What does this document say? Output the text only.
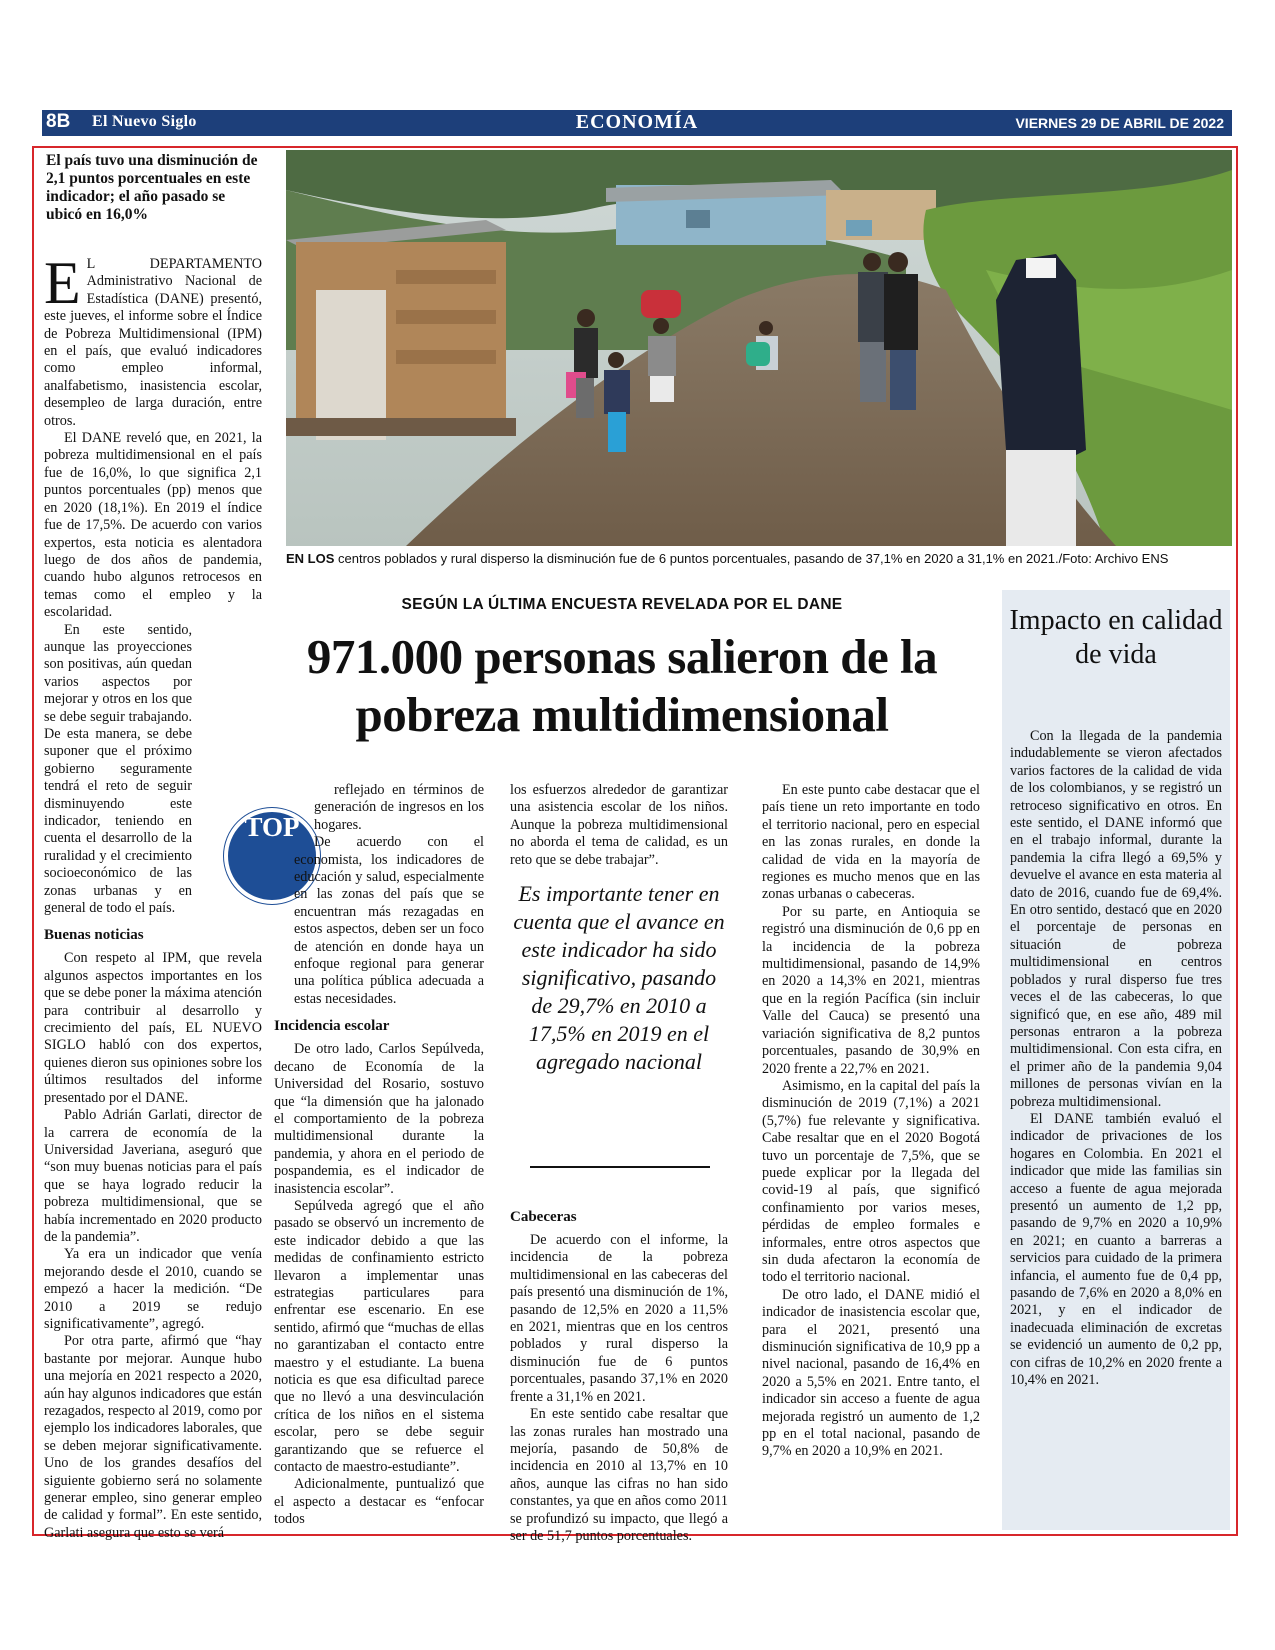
8B El Nuevo Siglo	ECONOMÍA	VIERNES 29 DE ABRIL DE 2022
El país tuvo una disminución de 2,1 puntos porcentuales en este indicador; el año pasado se ubicó en 16,0%
E L DEPARTAMENTO Administrativo Nacional de Estadística (DANE) presentó, este jueves, el informe sobre el Índice de Pobreza Multidimensional (IPM) en el país, que evaluó indicadores como empleo informal, analfabetismo, inasistencia escolar, desempleo de larga duración, entre otros.

El DANE reveló que, en 2021, la pobreza multidimensional en el país fue de 16,0%, lo que significa 2,1 puntos porcentuales (pp) menos que en 2020 (18,1%). En 2019 el índice fue de 17,5%. De acuerdo con varios expertos, esta noticia es alentadora luego de dos años de pandemia, cuando hubo algunos retrocesos en temas como el empleo y la escolaridad.

En este sentido, aunque las proyecciones son positivas, aún quedan varios aspectos por mejorar y otros en los que se debe seguir trabajando. De esta manera, se debe suponer que el próximo gobierno seguramente tendrá el reto de seguir disminuyendo este indicador, teniendo en cuenta el desarrollo de la ruralidad y el crecimiento socioeconómico de las zonas urbanas y en general de todo el país.

Buenas noticias

Con respeto al IPM, que revela algunos aspectos importantes en los que se debe poner la máxima atención para contribuir al desarrollo y crecimiento del país, EL NUEVO SIGLO habló con dos expertos, quienes dieron sus opiniones sobre los últimos resultados del informe presentado por el DANE.

Pablo Adrián Garlati, director de la carrera de economía de la Universidad Javeriana, aseguró que “son muy buenas noticias para el país que se haya logrado reducir la pobreza multidimensional, que se había incrementado en 2020 producto de la pandemia”.

Ya era un indicador que venía mejorando desde el 2010, cuando se empezó a hacer la medición. “De 2010 a 2019 se redujo significativamente”, agregó.

Por otra parte, afirmó que “hay bastante por mejorar. Aunque hubo una mejoría en 2021 respecto a 2020, aún hay algunos indicadores que están rezagados, respecto al 2019, como por ejemplo los indicadores laborales, que se deben mejorar significativamente. Uno de los grandes desafíos del siguiente gobierno será no solamente generar empleo, sino generar empleo de calidad y formal”. En este sentido, Garlati asegura que esto se verá

EN LOS centros poblados y rural disperso la disminución fue de 6 puntos porcentuales, pasando de 37,1% en 2020 a 31,1% en 2021./Foto: Archivo ENS
SEGÚN LA ÚLTIMA ENCUESTA REVELADA POR EL DANE
971.000 personas salieron de la pobreza multidimensional
TOP

reflejado en términos de generación de ingresos en los hogares.

De acuerdo con el economista, los indicadores de educación y salud, especialmente en las zonas del país que se encuentran más rezagadas en estos aspectos, deben ser un foco de atención en donde haya un enfoque regional para generar una política pública adecuada a estas necesidades.

Incidencia escolar

De otro lado, Carlos Sepúlveda, decano de Economía de la Universidad del Rosario, sostuvo que “la dimensión que ha jalonado el comportamiento de la pobreza multidimensional durante la pandemia, y ahora en el periodo de pospandemia, es el indicador de inasistencia escolar”.

Sepúlveda agregó que el año pasado se observó un incremento de este indicador debido a que las medidas de confinamiento estricto llevaron a implementar unas estrategias particulares para enfrentar ese escenario. En ese sentido, afirmó que “muchas de ellas no garantizaban el contacto entre maestro y el estudiante. La buena noticia es que esa dificultad parece que no llevó a una desvinculación crítica de los niños en el sistema escolar, pero se debe seguir garantizando que se refuerce el contacto de maestro-estudiante”.

Adicionalmente, puntualizó que el aspecto a destacar es “enfocar todos

los esfuerzos alrededor de garantizar una asistencia escolar de los niños. Aunque la pobreza multidimensional no aborda el tema de calidad, es un reto que se debe trabajar”.

Cabeceras

De acuerdo con el informe, la incidencia de la pobreza multidimensional en las cabeceras del país presentó una disminución de 1%, pasando de 12,5% en 2020 a 11,5% en 2021, mientras que en los centros poblados y rural disperso la disminución fue de 6 puntos porcentuales, pasando 37,1% en 2020 frente a 31,1% en 2021.

En este sentido cabe resaltar que las zonas rurales han mostrado una mejoría, pasando de 50,8% de incidencia en 2010 al 13,7% en 10 años, aunque las cifras no han sido constantes, ya que en años como 2011 se profundizó su impacto, que llegó a ser de 51,7 puntos porcentuales.

Es importante tener en cuenta que el avance en este indicador ha sido significativo, pasando de 29,7% en 2010 a 17,5% en 2019 en el agregado nacional

En este punto cabe destacar que el país tiene un reto importante en todo el territorio nacional, pero en especial en las zonas rurales, en donde la calidad de vida en la mayoría de regiones es mucho menos que en las zonas urbanas o cabeceras.

Por su parte, en Antioquia se registró una disminución de 0,6 pp en la incidencia de la pobreza multidimensional, pasando de 14,9% en 2020 a 14,3% en 2021, mientras que en la región Pacífica (sin incluir Valle del Cauca) se presentó una variación significativa de 8,2 puntos porcentuales, pasando de 30,9% en 2020 frente a 22,7% en 2021.

Asimismo, en la capital del país la disminución de 2019 (7,1%) a 2021 (5,7%) fue relevante y significativa. Cabe resaltar que en el 2020 Bogotá tuvo un porcentaje de 7,5%, que se puede explicar por la llegada del covid-19 al país, que significó confinamiento por varios meses, pérdidas de empleo formales e informales, entre otros aspectos que sin duda afectaron la economía de todo el territorio nacional.

De otro lado, el DANE midió el indicador de inasistencia escolar que, para el 2021, presentó una disminución significativa de 10,9 pp a nivel nacional, pasando de 16,4% en 2020 a 5,5% en 2021. Entre tanto, el indicador sin acceso a fuente de agua mejorada registró un aumento de 1,2 pp en el total nacional, pasando de 9,7% en 2020 a 10,9% en 2021.

Impacto en calidad de vida

Con la llegada de la pandemia indudablemente se vieron afectados varios factores de la calidad de vida de los colombianos, y se registró un retroceso significativo en otros. En este sentido, el DANE informó que en el trabajo informal, durante la pandemia la cifra llegó a 69,5% y devuelve el avance en esta materia al dato de 2016, cuando fue de 69,4%. En otro sentido, destacó que en 2020 el porcentaje de personas en situación de pobreza multidimensional en centros poblados y rural disperso fue tres veces el de las cabeceras, lo que significó que, en ese año, 489 mil personas entraron a la pobreza multidimensional. Con esta cifra, en el primer año de la pandemia 9,04 millones de personas vivían en la pobreza multidimensional.

El DANE también evaluó el indicador de privaciones de los hogares en Colombia. En 2021 el indicador que mide las familias sin acceso a fuente de agua mejorada presentó un aumento de 1,2 pp, pasando de 9,7% en 2020 a 10,9% en 2021; en cuanto a barreras a servicios para cuidado de la primera infancia, el aumento fue de 0,4 pp, pasando de 7,6% en 2020 a 8,0% en 2021, y en el indicador de inadecuada eliminación de excretas se evidenció un aumento de 0,2 pp, con cifras de 10,2% en 2020 frente a 10,4% en 2021.
